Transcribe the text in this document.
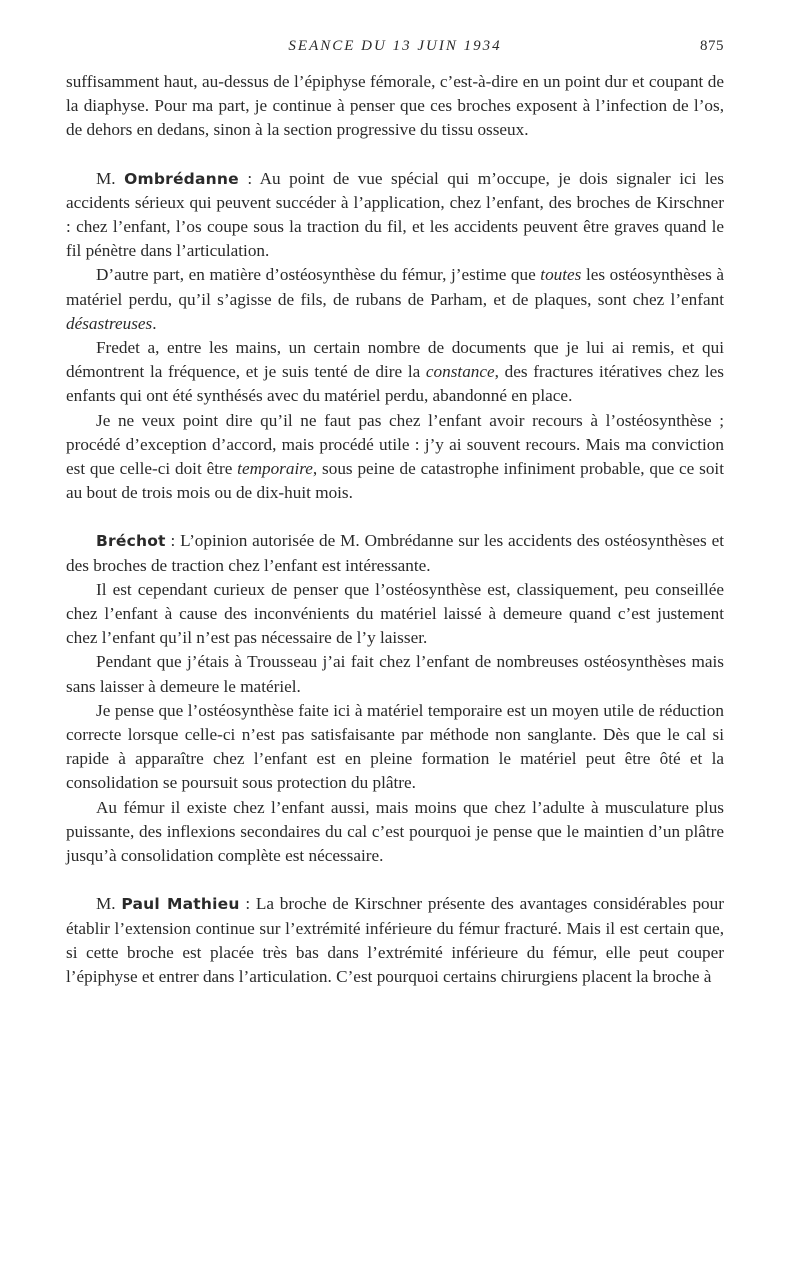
SEANCE DU 13 JUIN 1934	875

suffisamment haut, au-dessus de l’épiphyse fémorale, c’est-à-dire en un point dur et coupant de la diaphyse. Pour ma part, je continue à penser que ces broches exposent à l’infection de l’os, de dehors en dedans, sinon à la section progressive du tissu osseux.

M. Ombrédanne : Au point de vue spécial qui m’occupe, je dois signaler ici les accidents sérieux qui peuvent succéder à l’application, chez l’enfant, des broches de Kirschner : chez l’enfant, l’os coupe sous la traction du fil, et les accidents peuvent être graves quand le fil pénètre dans l’articulation.

D’autre part, en matière d’ostéosynthèse du fémur, j’estime que toutes les ostéosynthèses à matériel perdu, qu’il s’agisse de fils, de rubans de Parham, et de plaques, sont chez l’enfant désastreuses.

Fredet a, entre les mains, un certain nombre de documents que je lui ai remis, et qui démontrent la fréquence, et je suis tenté de dire la constance, des fractures itératives chez les enfants qui ont été synthésés avec du matériel perdu, abandonné en place.

Je ne veux point dire qu’il ne faut pas chez l’enfant avoir recours à l’ostéosynthèse ; procédé d’exception d’accord, mais procédé utile : j’y ai souvent recours. Mais ma conviction est que celle-ci doit être temporaire, sous peine de catastrophe infiniment probable, que ce soit au bout de trois mois ou de dix-huit mois.

Bréchot : L’opinion autorisée de M. Ombrédanne sur les accidents des ostéosynthèses et des broches de traction chez l’enfant est intéressante.

Il est cependant curieux de penser que l’ostéosynthèse est, classiquement, peu conseillée chez l’enfant à cause des inconvénients du matériel laissé à demeure quand c’est justement chez l’enfant qu’il n’est pas nécessaire de l’y laisser.

Pendant que j’étais à Trousseau j’ai fait chez l’enfant de nombreuses ostéosynthèses mais sans laisser à demeure le matériel.

Je pense que l’ostéosynthèse faite ici à matériel temporaire est un moyen utile de réduction correcte lorsque celle-ci n’est pas satisfaisante par méthode non sanglante. Dès que le cal si rapide à apparaître chez l’enfant est en pleine formation le matériel peut être ôté et la consolidation se poursuit sous protection du plâtre.

Au fémur il existe chez l’enfant aussi, mais moins que chez l’adulte à musculature plus puissante, des inflexions secondaires du cal c’est pourquoi je pense que le maintien d’un plâtre jusqu’à consolidation complète est nécessaire.

M. Paul Mathieu : La broche de Kirschner présente des avantages considérables pour établir l’extension continue sur l’extrémité inférieure du fémur fracturé. Mais il est certain que, si cette broche est placée très bas dans l’extrémité inférieure du fémur, elle peut couper l’épiphyse et entrer dans l’articulation. C’est pourquoi certains chirurgiens placent la broche à
